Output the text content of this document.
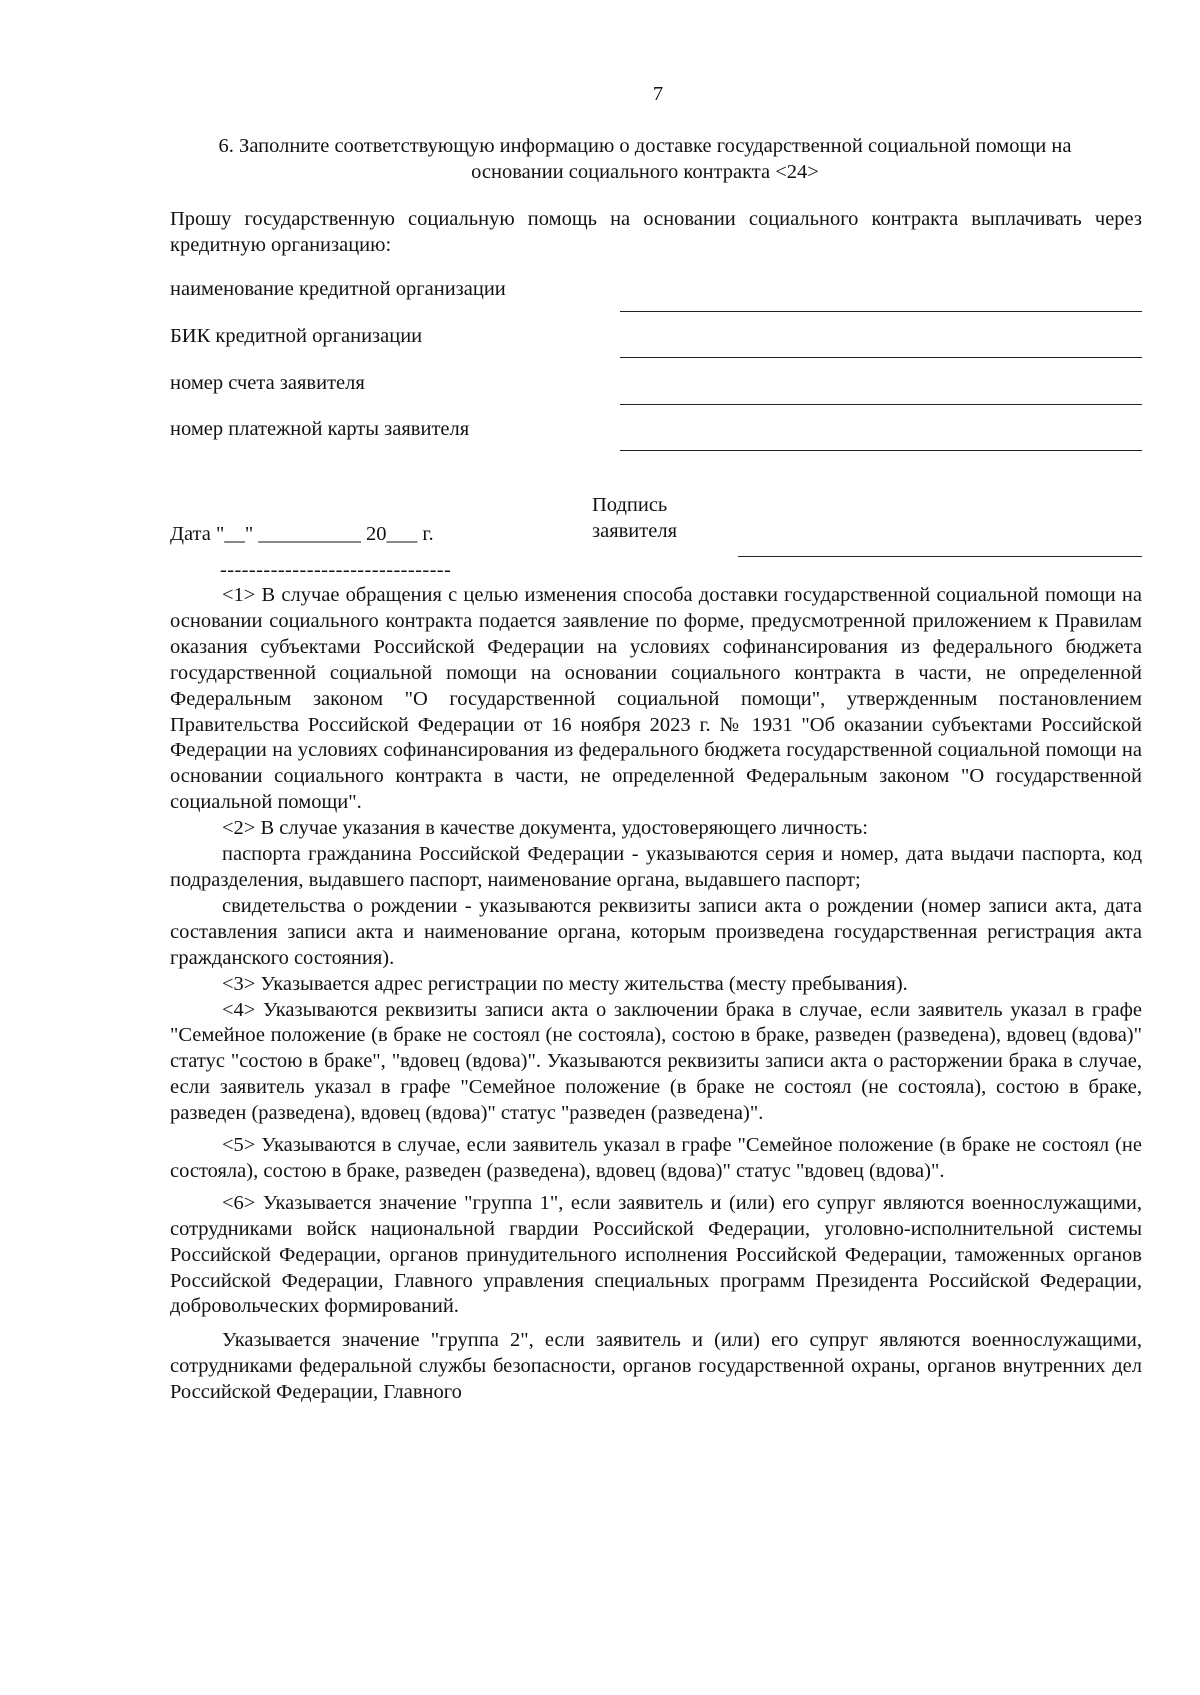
7
6. Заполните соответствующую информацию о доставке государственной социальной помощи на основании социального контракта <24>
Прошу государственную социальную помощь на основании социального контракта выплачивать через кредитную организацию:
наименование кредитной организации
БИК кредитной организации
номер счета заявителя
номер платежной карты заявителя
Дата "__" __________ 20___ г.
Подпись заявителя
--------------------------------

<1> В случае обращения с целью изменения способа доставки государственной социальной помощи на основании социального контракта подается заявление по форме, предусмотренной приложением к Правилам оказания субъектами Российской Федерации на условиях софинансирования из федерального бюджета государственной социальной помощи на основании социального контракта в части, не определенной Федеральным законом "О государственной социальной помощи", утвержденным постановлением Правительства Российской Федерации от 16 ноября 2023 г. № 1931 "Об оказании субъектами Российской Федерации на условиях софинансирования из федерального бюджета государственной социальной помощи на основании социального контракта в части, не определенной Федеральным законом "О государственной социальной помощи".

<2> В случае указания в качестве документа, удостоверяющего личность:

паспорта гражданина Российской Федерации - указываются серия и номер, дата выдачи паспорта, код подразделения, выдавшего паспорт, наименование органа, выдавшего паспорт;

свидетельства о рождении - указываются реквизиты записи акта о рождении (номер записи акта, дата составления записи акта и наименование органа, которым произведена государственная регистрация акта гражданского состояния).

<3> Указывается адрес регистрации по месту жительства (месту пребывания).

<4> Указываются реквизиты записи акта о заключении брака в случае, если заявитель указал в графе "Семейное положение (в браке не состоял (не состояла), состою в браке, разведен (разведена), вдовец (вдова)" статус "состою в браке", "вдовец (вдова)". Указываются реквизиты записи акта о расторжении брака в случае, если заявитель указал в графе "Семейное положение (в браке не состоял (не состояла), состою в браке, разведен (разведена), вдовец (вдова)" статус "разведен (разведена)".

<5> Указываются в случае, если заявитель указал в графе "Семейное положение (в браке не состоял (не состояла), состою в браке, разведен (разведена), вдовец (вдова)" статус "вдовец (вдова)".

<6> Указывается значение "группа 1", если заявитель и (или) его супруг являются военнослужащими, сотрудниками войск национальной гвардии Российской Федерации, уголовно-исполнительной системы Российской Федерации, органов принудительного исполнения Российской Федерации, таможенных органов Российской Федерации, Главного управления специальных программ Президента Российской Федерации, добровольческих формирований.

Указывается значение "группа 2", если заявитель и (или) его супруг являются военнослужащими, сотрудниками федеральной службы безопасности, органов государственной охраны, органов внутренних дел Российской Федерации, Главного
